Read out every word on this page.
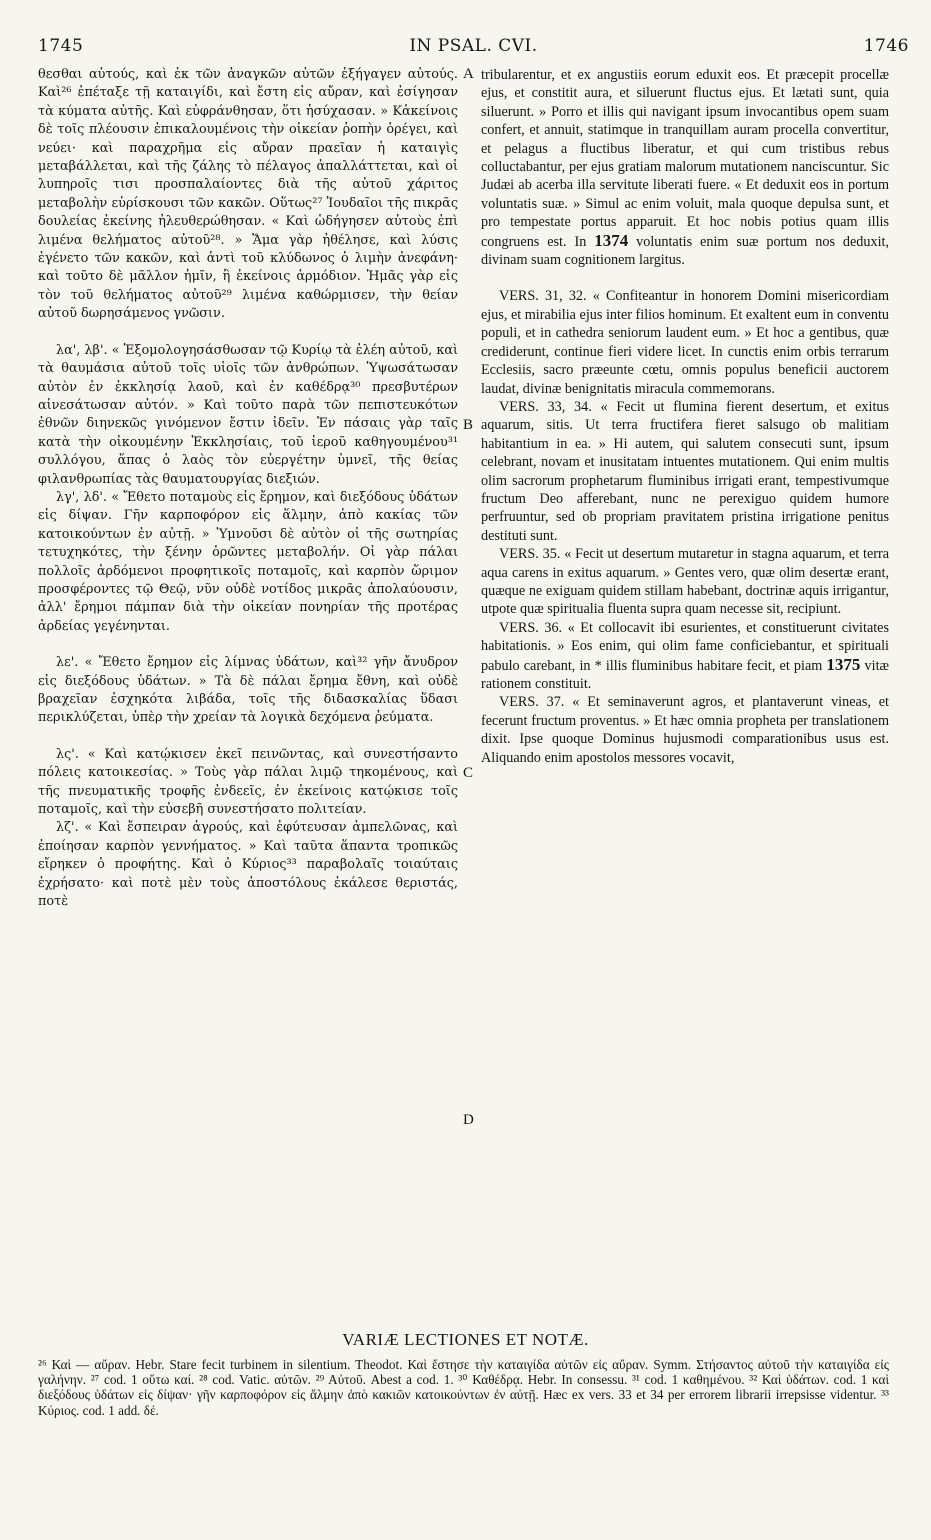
1745	IN PSAL. CVI.	1746

θεσθαι αὐτούς, καὶ ἐκ τῶν ἀναγκῶν αὐτῶν ἐξήγαγεν αὐτούς. Καὶ²⁶ ἐπέταξε τῇ καταιγίδι, καὶ ἔστη εἰς αὔραν, καὶ ἐσίγησαν τὰ κύματα αὐτῆς. Καὶ εὐφράνθησαν, ὅτι ἡσύχασαν. » Κἀκείνοις δὲ τοῖς πλέουσιν ἐπικαλουμένοις τὴν οἰκείαν ῥοπὴν ὀρέγει, καὶ νεύει· καὶ παραχρῆμα εἰς αὔραν πραεῖαν ἡ καταιγὶς μεταβάλλεται, καὶ τῆς ζάλης τὸ πέλαγος ἀπαλλάττεται, καὶ οἱ λυπηροῖς τισι προσπαλαίοντες διὰ τῆς αὐτοῦ χάριτος μεταβολὴν εὑρίσκουσι τῶν κακῶν. Οὕτως²⁷ Ἰουδαῖοι τῆς πικρᾶς δουλείας ἐκείνης ἠλευθερώθησαν. « Καὶ ὡδήγησεν αὐτοὺς ἐπὶ λιμένα θελήματος αὐτοῦ²⁸. » Ἅμα γὰρ ἠθέλησε, καὶ λύσις ἐγένετο τῶν κακῶν, καὶ ἀντὶ τοῦ κλύδωνος ὁ λιμὴν ἀνεφάνη· καὶ τοῦτο δὲ μᾶλλον ἡμῖν, ἢ ἐκείνοις ἁρμόδιον. Ἡμᾶς γὰρ εἰς τὸν τοῦ θελήματος αὐτοῦ²⁹ λιμένα καθώρμισεν, τὴν θείαν αὐτοῦ δωρησάμενος γνῶσιν.

λα', λβ'. « Ἐξομολογησάσθωσαν τῷ Κυρίῳ τὰ ἐλέη αὐτοῦ, καὶ τὰ θαυμάσια αὐτοῦ τοῖς υἱοῖς τῶν ἀνθρώπων. Ὑψωσάτωσαν αὐτὸν ἐν ἐκκλησίᾳ λαοῦ, καὶ ἐν καθέδρᾳ³⁰ πρεσβυτέρων αἰνεσάτωσαν αὐτόν. » Καὶ τοῦτο παρὰ τῶν πεπιστευκότων ἐθνῶν διηνεκῶς γινόμενον ἔστιν ἰδεῖν. Ἐν πάσαις γὰρ ταῖς κατὰ τὴν οἰκουμένην Ἐκκλησίαις, τοῦ ἱεροῦ καθηγουμένου³¹ συλλόγου, ἅπας ὁ λαὸς τὸν εὐεργέτην ὑμνεῖ, τῆς θείας φιλανθρωπίας τὰς θαυματουργίας διεξιών.

λγ', λδ'. « Ἔθετο ποταμοὺς εἰς ἔρημον, καὶ διεξόδους ὑδάτων εἰς δίψαν. Γῆν καρποφόρον εἰς ἅλμην, ἀπὸ κακίας τῶν κατοικούντων ἐν αὐτῇ. » Ὑμνοῦσι δὲ αὐτὸν οἱ τῆς σωτηρίας τετυχηκότες, τὴν ξένην ὁρῶντες μεταβολήν. Οἱ γὰρ πάλαι πολλοῖς ἀρδόμενοι προφητικοῖς ποταμοῖς, καὶ καρπὸν ὥριμον προσφέροντες τῷ Θεῷ, νῦν οὐδὲ νοτίδος μικρᾶς ἀπολαύουσιν, ἀλλ' ἔρημοι πάμπαν διὰ τὴν οἰκείαν πονηρίαν τῆς προτέρας ἀρδείας γεγένηνται.

λε'. « Ἔθετο ἔρημον εἰς λίμνας ὑδάτων, καὶ³² γῆν ἄνυδρον εἰς διεξόδους ὑδάτων. » Τὰ δὲ πάλαι ἔρημα ἔθνη, καὶ οὐδὲ βραχεῖαν ἐσχηκότα λιβάδα, τοῖς τῆς διδασκαλίας ὕδασι περικλύζεται, ὑπὲρ τὴν χρείαν τὰ λογικὰ δεχόμενα ῥεύματα.

λς'. « Καὶ κατῴκισεν ἐκεῖ πεινῶντας, καὶ συνεστήσαντο πόλεις κατοικεσίας. » Τοὺς γὰρ πάλαι λιμῷ τηκομένους, καὶ τῆς πνευματικῆς τροφῆς ἐνδεεῖς, ἐν ἐκείνοις κατῴκισε τοῖς ποταμοῖς, καὶ τὴν εὐσεβῆ συνεστήσατο πολιτείαν.

λζ'. « Καὶ ἔσπειραν ἀγρούς, καὶ ἐφύτευσαν ἀμπελῶνας, καὶ ἐποίησαν καρπὸν γεννήματος. » Καὶ ταῦτα ἅπαντα τροπικῶς εἴρηκεν ὁ προφήτης. Καὶ ὁ Κύριος³³ παραβολαῖς τοιαύταις ἐχρήσατο· καὶ ποτὲ μὲν τοὺς ἀποστόλους ἐκάλεσε θεριστάς, ποτὲ

tribularentur, et ex angustiis eorum eduxit eos. Et præcepit procellæ ejus, et constitit aura, et siluerunt fluctus ejus. Et lætati sunt, quia siluerunt. » Porro et illis qui navigant ipsum invocantibus opem suam confert, et annuit, statimque in tranquillam auram procella convertitur, et pelagus a fluctibus liberatur, et qui cum tristibus rebus colluctabantur, per ejus gratiam malorum mutationem nanciscuntur. Sic Judæi ab acerba illa servitute liberati fuere. « Et deduxit eos in portum voluntatis suæ. » Simul ac enim voluit, mala quoque depulsa sunt, et pro tempestate portus apparuit. Et hoc nobis potius quam illis congruens est. In 1374 voluntatis enim suæ portum nos deduxit, divinam suam cognitionem largitus.

VERS. 31, 32. « Confiteantur in honorem Domini misericordiam ejus, et mirabilia ejus inter filios hominum. Et exaltent eum in conventu populi, et in cathedra seniorum laudent eum. » Et hoc a gentibus, quæ crediderunt, continue fieri videre licet. In cunctis enim orbis terrarum Ecclesiis, sacro præeunte cœtu, omnis populus beneficii auctorem laudat, divinæ benignitatis miracula commemorans.

VERS. 33, 34. « Fecit ut flumina fierent desertum, et exitus aquarum, sitis. Ut terra fructifera fieret salsugo ob malitiam habitantium in ea. » Hi autem, qui salutem consecuti sunt, ipsum celebrant, novam et inusitatam intuentes mutationem. Qui enim multis olim sacrorum prophetarum fluminibus irrigati erant, tempestivumque fructum Deo afferebant, nunc ne perexiguo quidem humore perfruuntur, sed ob propriam pravitatem pristina irrigatione penitus destituti sunt.

VERS. 35. « Fecit ut desertum mutaretur in stagna aquarum, et terra aqua carens in exitus aquarum. » Gentes vero, quæ olim desertæ erant, quæque ne exiguam quidem stillam habebant, doctrinæ aquis irrigantur, utpote quæ spiritualia fluenta supra quam necesse sit, recipiunt.

VERS. 36. « Et collocavit ibi esurientes, et constituerunt civitates habitationis. » Eos enim, qui olim fame conficiebantur, et spirituali pabulo carebant, in * illis fluminibus habitare fecit, et piam 1375 vitæ rationem constituit.

VERS. 37. « Et seminaverunt agros, et plantaverunt vineas, et fecerunt fructum proventus. » Et hæc omnia propheta per translationem dixit. Ipse quoque Dominus hujusmodi comparationibus usus est. Aliquando enim apostolos messores vocavit,

A
B
C
D
VARIÆ LECTIONES ET NOTÆ.
²⁶ Καὶ — αὔραν. Hebr. Stare fecit turbinem in silentium. Theodot. Καὶ ἔστησε τὴν καταιγίδα αὐτῶν εἰς αὔραν. Symm. Στήσαντος αὐτοῦ τὴν καταιγίδα εἰς γαλήνην. ²⁷ cod. 1 οὕτω καί. ²⁸ cod. Vatic. αὐτῶν. ²⁹ Αὐτοῦ. Abest a cod. 1. ³⁰ Καθέδρᾳ. Hebr. In consessu. ³¹ cod. 1 καθημένου. ³² Καὶ ὑδάτων. cod. 1 καὶ διεξόδους ὑδάτων εἰς δίψαν· γῆν καρποφόρον εἰς ἅλμην ἀπὸ κακιῶν κατοικούντων ἐν αὐτῇ. Hæc ex vers. 33 et 34 per errorem librarii irrepsisse videntur. ³³ Κύριος. cod. 1 add. δέ.
